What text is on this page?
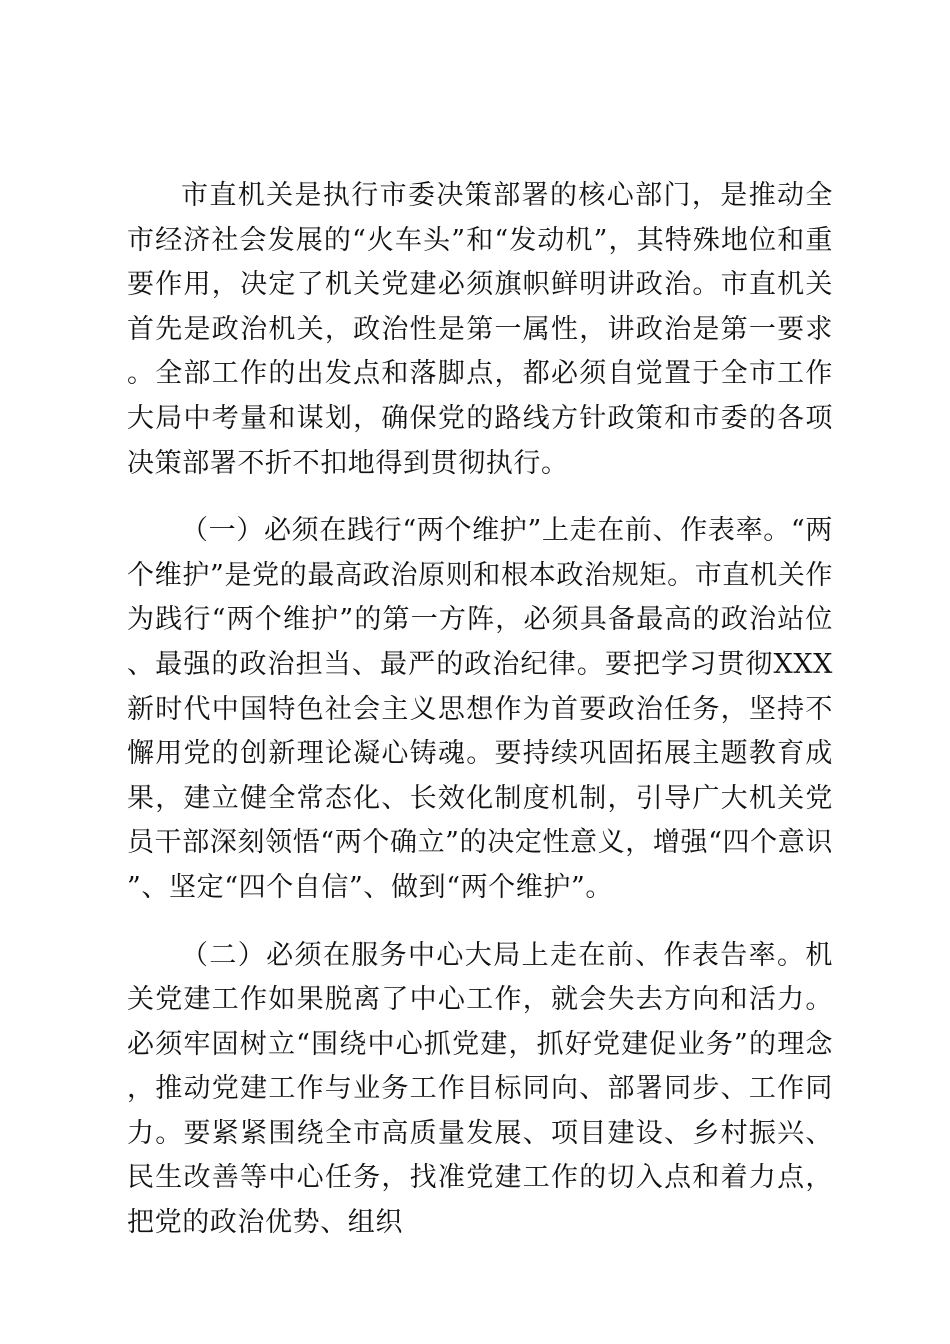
市直机关是执行市委决策部署的核心部门，是推动全市经济社会发展的“火车头”和“发动机”，其特殊地位和重要作用，决定了机关党建必须旗帜鲜明讲政治。市直机关首先是政治机关，政治性是第一属性，讲政治是第一要求。全部工作的出发点和落脚点，都必须自觉置于全市工作大局中考量和谋划，确保党的路线方针政策和市委的各项决策部署不折不扣地得到贯彻执行。

（一）必须在践行“两个维护”上走在前、作表率。“两个维护”是党的最高政治原则和根本政治规矩。市直机关作为践行“两个维护”的第一方阵，必须具备最高的政治站位、最强的政治担当、最严的政治纪律。要把学习贯彻XXX新时代中国特色社会主义思想作为首要政治任务，坚持不懈用党的创新理论凝心铸魂。要持续巩固拓展主题教育成果，建立健全常态化、长效化制度机制，引导广大机关党员干部深刻领悟“两个确立”的决定性意义，增强“四个意识”、坚定“四个自信”、做到“两个维护”。

（二）必须在服务中心大局上走在前、作表告率。机关党建工作如果脱离了中心工作，就会失去方向和活力。必须牢固树立“围绕中心抓党建，抓好党建促业务”的理念，推动党建工作与业务工作目标同向、部署同步、工作同力。要紧紧围绕全市高质量发展、项目建设、乡村振兴、民生改善等中心任务，找准党建工作的切入点和着力点，把党的政治优势、组织
